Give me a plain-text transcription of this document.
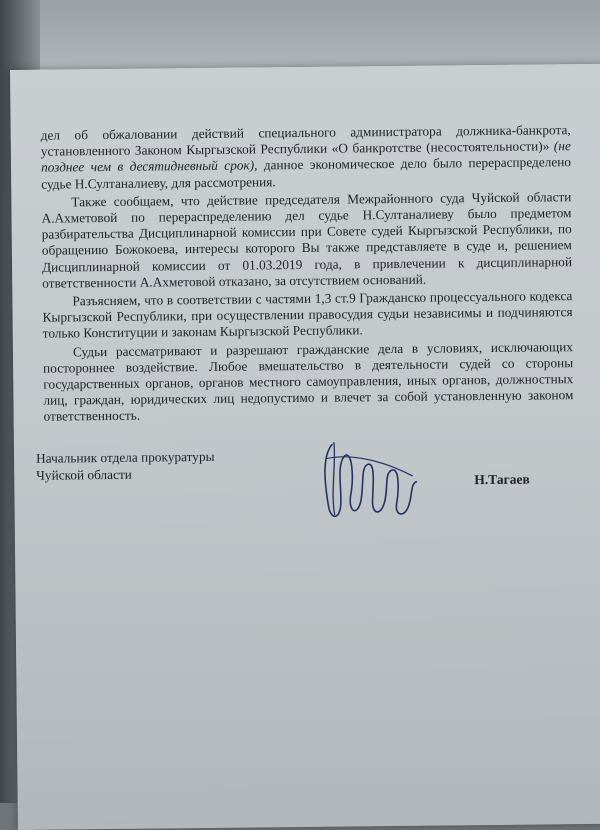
дел об обжаловании действий специального администратора должника-банкрота, установленного Законом Кыргызской Республики «О банкротстве (несостоятельности)» (не позднее чем в десятидневный срок), данное экономическое дело было перераспределено судье Н.Султаналиеву, для рассмотрения.

Также сообщаем, что действие председателя Межрайонного суда Чуйской области А.Ахметовой по перераспределению дел судье Н.Султаналиеву было предметом разбирательства Дисциплинарной комиссии при Совете судей Кыргызской Республики, по обращению Божокоева, интересы которого Вы также представляете в суде и, решением Дисциплинарной комиссии от 01.03.2019 года, в привлечении к дисциплинарной ответственности А.Ахметовой отказано, за отсутствием оснований.

Разъясняем, что в соответствии с частями 1,3 ст.9 Гражданско процессуального кодекса Кыргызской Республики, при осуществлении правосудия судьи независимы и подчиняются только Конституции и законам Кыргызской Республики.

Судьи рассматривают и разрешают гражданские дела в условиях, исключающих постороннее воздействие. Любое вмешательство в деятельности судей со стороны государственных органов, органов местного самоуправления, иных органов, должностных лиц, граждан, юридических лиц недопустимо и влечет за собой установленную законом ответственность.

Начальник отдела прокуратуры
Чуйской области	Н.Тагаев
